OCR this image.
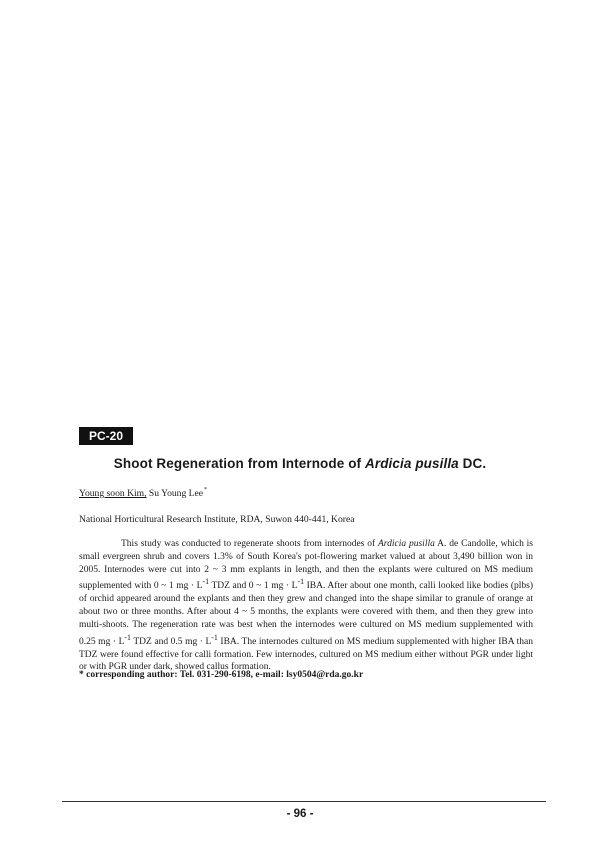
PC-20
Shoot Regeneration from Internode of Ardicia pusilla DC.
Young soon Kim, Su Young Lee*
National Horticultural Research Institute, RDA, Suwon 440-441, Korea

This study was conducted to regenerate shoots from internodes of Ardicia pusilla A. de Candolle, which is small evergreen shrub and covers 1.3% of South Korea's pot-flowering market valued at about 3,490 billion won in 2005. Internodes were cut into 2 ~ 3 mm explants in length, and then the explants were cultured on MS medium supplemented with 0 ~ 1 mg · $L^{-1}$ TDZ and 0 ~ 1 mg · $L^{-1}$ IBA. After about one month, calli looked like bodies (plbs) of orchid appeared around the explants and then they grew and changed into the shape similar to granule of orange at about two or three months. After about 4 ~ 5 months, the explants were covered with them, and then they grew into multi-shoots. The regeneration rate was best when the internodes were cultured on MS medium supplemented with 0.25 mg · $L^{-1}$ TDZ and 0.5 mg · $L^{-1}$ IBA. The internodes cultured on MS medium supplemented with higher IBA than TDZ were found effective for calli formation. Few internodes, cultured on MS medium either without PGR under light or with PGR under dark, showed callus formation.

* corresponding author: Tel. 031-290-6198, e-mail: lsy0504@rda.go.kr
- 96 -
